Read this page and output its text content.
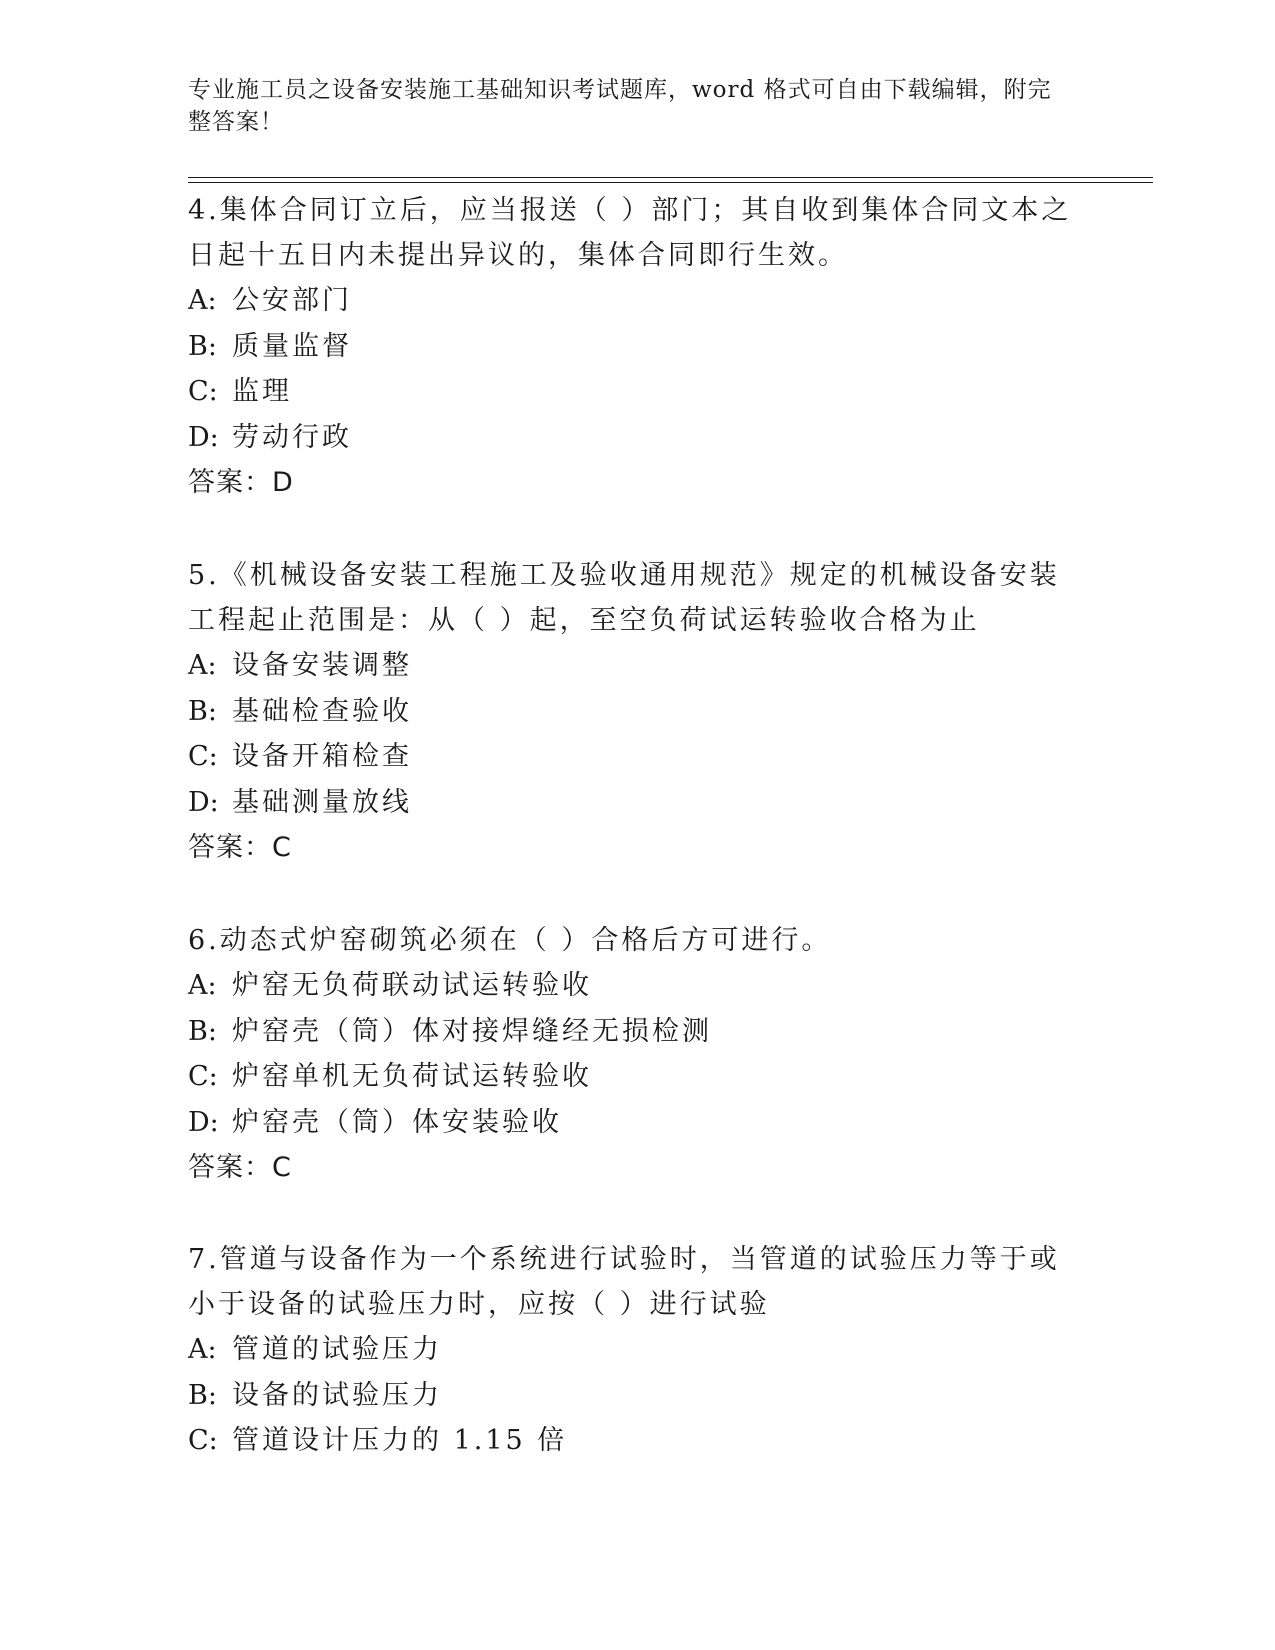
专业施工员之设备安装施工基础知识考试题库，word 格式可自由下载编辑，附完整答案！
4.集体合同订立后，应当报送（ ）部门；其自收到集体合同文本之日起十五日内未提出异议的，集体合同即行生效。
A: 公安部门
B: 质量监督
C: 监理
D: 劳动行政
答案：D
5.《机械设备安装工程施工及验收通用规范》规定的机械设备安装工程起止范围是：从（ ）起，至空负荷试运转验收合格为止
A: 设备安装调整
B: 基础检查验收
C: 设备开箱检查
D: 基础测量放线
答案：C
6.动态式炉窑砌筑必须在（ ）合格后方可进行。
A: 炉窑无负荷联动试运转验收
B: 炉窑壳（筒）体对接焊缝经无损检测
C: 炉窑单机无负荷试运转验收
D: 炉窑壳（筒）体安装验收
答案：C
7.管道与设备作为一个系统进行试验时，当管道的试验压力等于或小于设备的试验压力时，应按（ ）进行试验
A: 管道的试验压力
B: 设备的试验压力
C: 管道设计压力的 1.15 倍
